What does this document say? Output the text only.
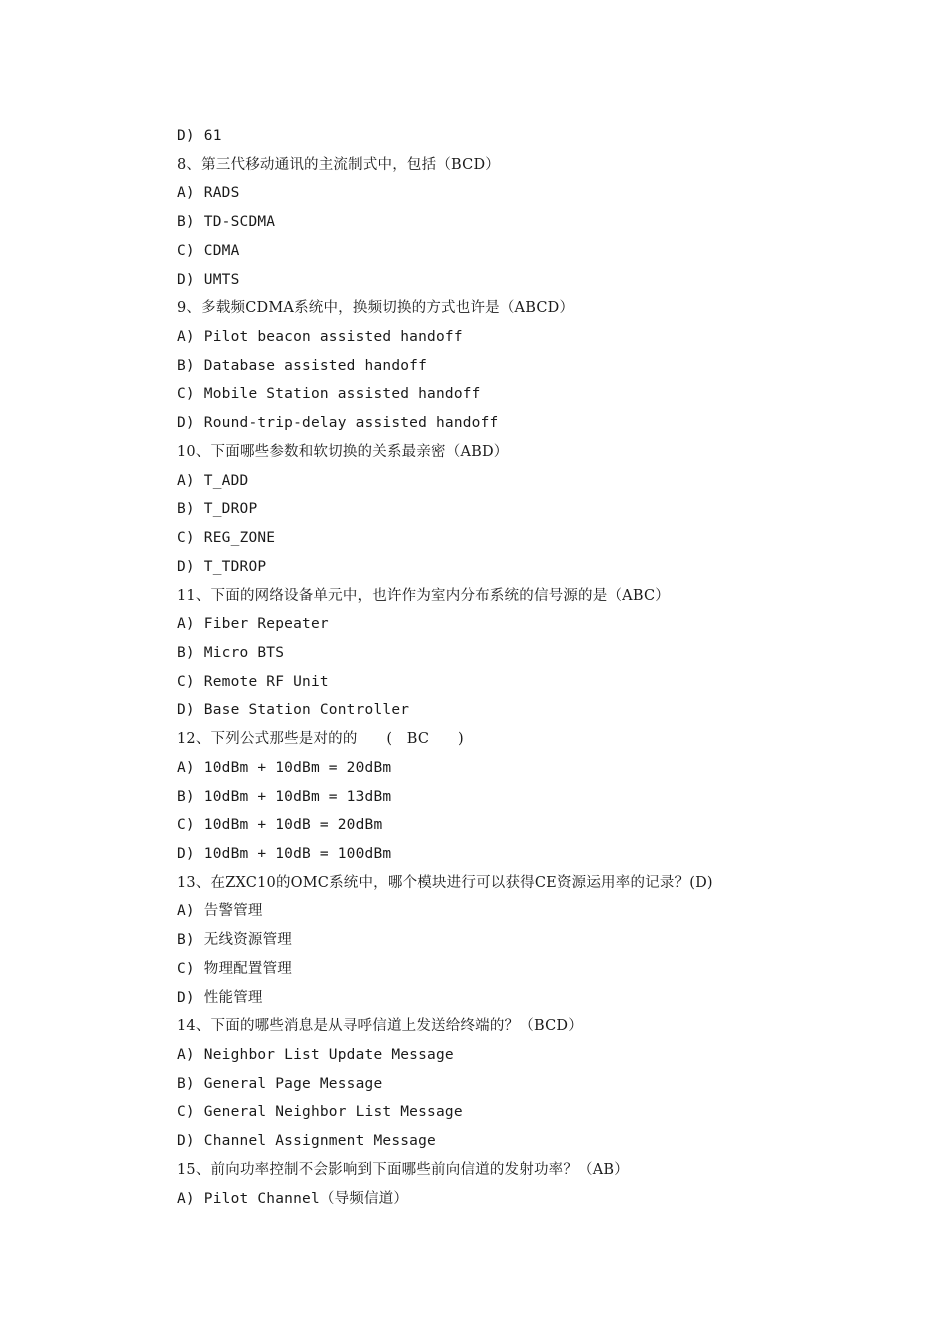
D) 61
8、第三代移动通讯的主流制式中，包括（BCD）
A) RADS
B) TD-SCDMA
C) CDMA
D) UMTS
9、多载频CDMA系统中，换频切换的方式也许是（ABCD）
A) Pilot beacon assisted handoff
B) Database assisted handoff
C) Mobile Station assisted handoff
D) Round-trip-delay assisted handoff
10、下面哪些参数和软切换的关系最亲密（ABD）
A) T_ADD
B) T_DROP
C) REG_ZONE
D) T_TDROP
11、下面的网络设备单元中，也许作为室内分布系统的信号源的是（ABC）
A) Fiber Repeater
B) Micro BTS
C) Remote RF Unit
D) Base Station Controller
12、下列公式那些是对的的      (   BC      )
A) 10dBm + 10dBm = 20dBm
B) 10dBm + 10dBm = 13dBm
C) 10dBm + 10dB = 20dBm
D) 10dBm + 10dB = 100dBm
13、在ZXC10的OMC系统中，哪个模块进行可以获得CE资源运用率的记录？(D)
A) 告警管理
B) 无线资源管理
C) 物理配置管理
D) 性能管理
14、下面的哪些消息是从寻呼信道上发送给终端的？（BCD）
A) Neighbor List Update Message
B) General Page Message
C) General Neighbor List Message
D) Channel Assignment Message
15、前向功率控制不会影响到下面哪些前向信道的发射功率？（AB）
A) Pilot Channel（导频信道）
